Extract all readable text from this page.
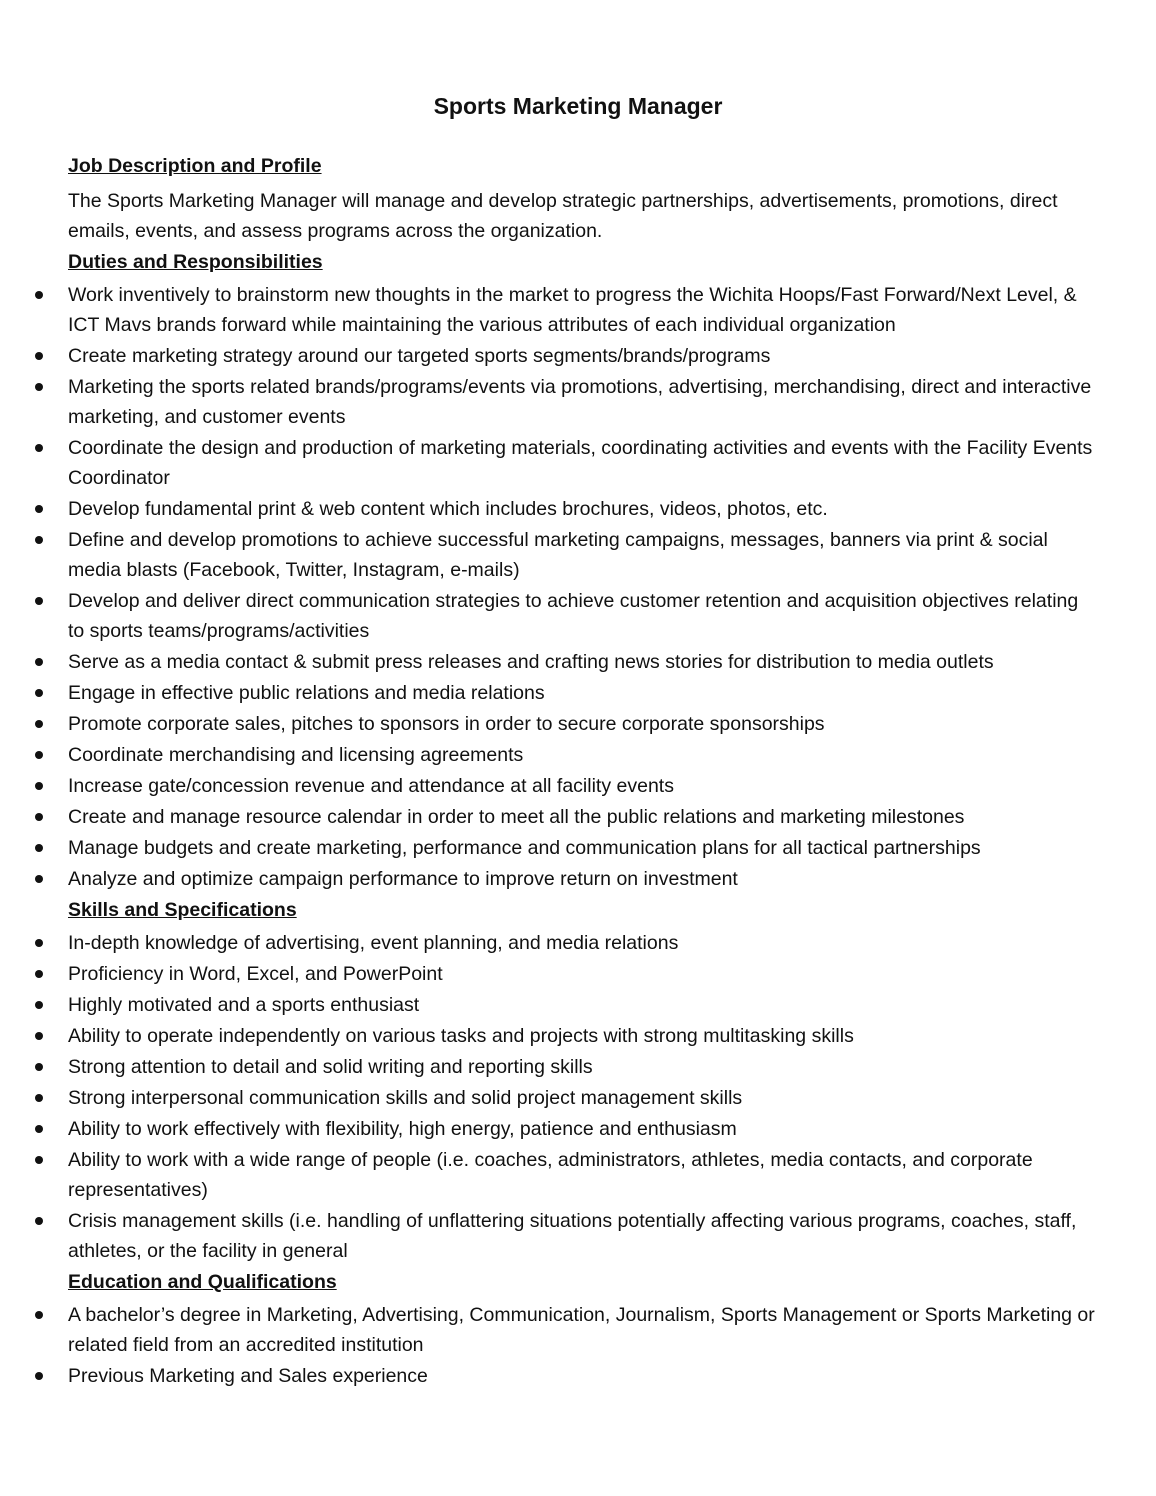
Sports Marketing Manager
Job Description and Profile

The Sports Marketing Manager will manage and develop strategic partnerships, advertisements, promotions, direct emails, events, and assess programs across the organization.

Duties and Responsibilities
Work inventively to brainstorm new thoughts in the market to progress the Wichita Hoops/Fast Forward/Next Level, & ICT Mavs brands forward while maintaining the various attributes of each individual organization
Create marketing strategy around our targeted sports segments/brands/programs
Marketing the sports related brands/programs/events via promotions, advertising, merchandising, direct and interactive marketing, and customer events
Coordinate the design and production of marketing materials, coordinating activities and events with the Facility Events Coordinator
Develop fundamental print & web content which includes brochures, videos, photos, etc.
Define and develop promotions to achieve successful marketing campaigns, messages, banners via print & social media blasts (Facebook, Twitter, Instagram, e-mails)
Develop and deliver direct communication strategies to achieve customer retention and acquisition objectives relating to sports teams/programs/activities
Serve as a media contact & submit press releases and crafting news stories for distribution to media outlets
Engage in effective public relations and media relations
Promote corporate sales, pitches to sponsors in order to secure corporate sponsorships
Coordinate merchandising and licensing agreements
Increase gate/concession revenue and attendance at all facility events
Create and manage resource calendar in order to meet all the public relations and marketing milestones
Manage budgets and create marketing, performance and communication plans for all tactical partnerships
Analyze and optimize campaign performance to improve return on investment
Skills and Specifications
In-depth knowledge of advertising, event planning, and media relations
Proficiency in Word, Excel, and PowerPoint
Highly motivated and a sports enthusiast
Ability to operate independently on various tasks and projects with strong multitasking skills
Strong attention to detail and solid writing and reporting skills
Strong interpersonal communication skills and solid project management skills
Ability to work effectively with flexibility, high energy, patience and enthusiasm
Ability to work with a wide range of people (i.e. coaches, administrators, athletes, media contacts, and corporate representatives)
Crisis management skills (i.e. handling of unflattering situations potentially affecting various programs, coaches, staff, athletes, or the facility in general
Education and Qualifications
A bachelor’s degree in Marketing, Advertising, Communication, Journalism, Sports Management or Sports Marketing or related field from an accredited institution
Previous Marketing and Sales experience
